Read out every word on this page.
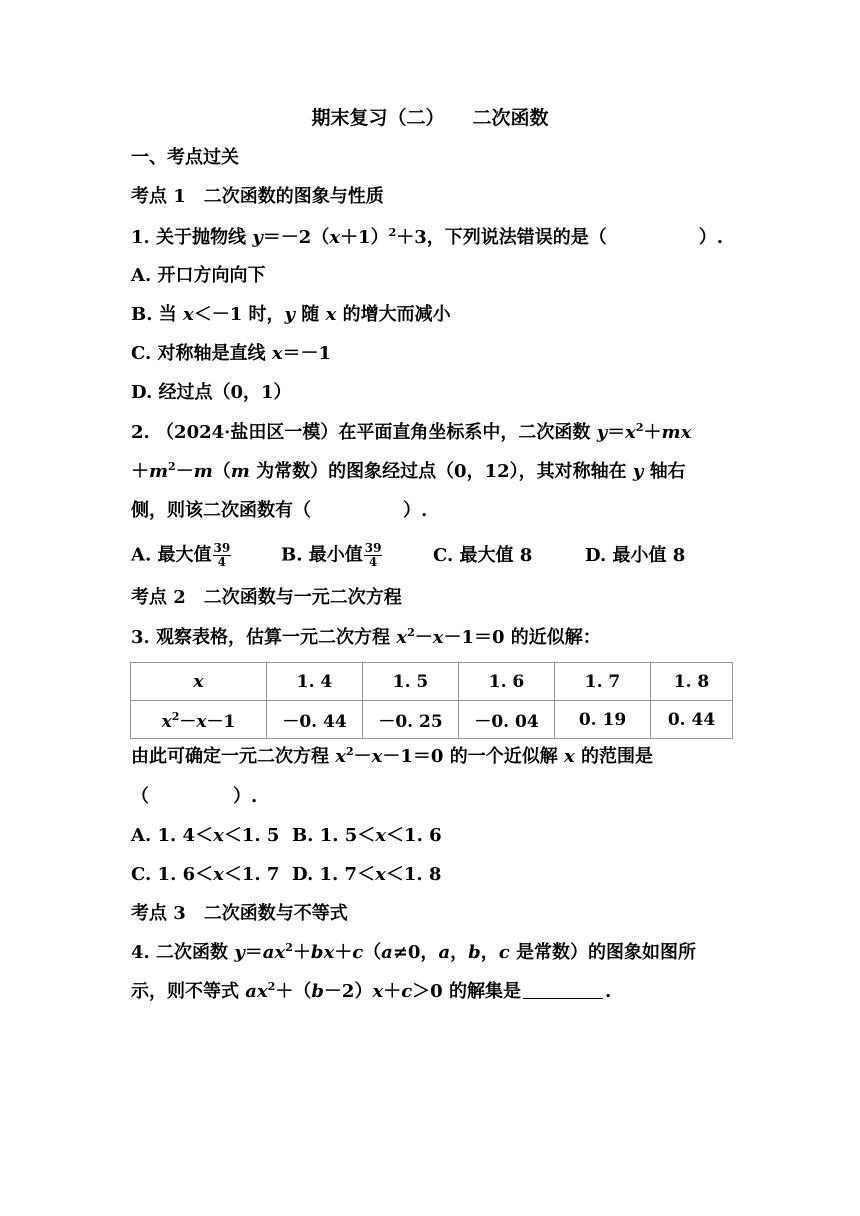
期末复习（二） 二次函数
一、考点过关
考点 1　二次函数的图象与性质
1. 关于抛物线 $y=-2(x+1)^2+3$，下列说法错误的是（	）.
A. 开口方向向下
B. 当 x＜－1 时，y 随 x 的增大而减小
C. 对称轴是直线 x＝－1
D. 经过点（0，1）
2. （2024·盐田区一模）在平面直角坐标系中，二次函数 $y=x^2+mx$
$+m^2-m(m$ 为常数）的图象经过点（0，12），其对称轴在 y 轴右
侧，则该二次函数有（	）.
A. 最大值 $\frac{39}{4}$	B. 最小值 $\frac{39}{4}$	C. 最大值 8	D. 最小值 8
考点 2　二次函数与一元二次方程
3. 观察表格，估算一元二次方程 $x^2-x-1=0$ 的近似解：
x	1. 4	1. 5	1. 6	1. 7	1. 8
$x^2-x-1$	－0. 44	－0. 25	－0. 04	0. 19	0. 44
由此可确定一元二次方程 $x^2-x-1=0$ 的一个近似解 x 的范围是
（	）.
A. 1. 4＜x＜1. 5 B. 1. 5＜x＜1. 6
C. 1. 6＜x＜1. 7 D. 1. 7＜x＜1. 8
考点 3　二次函数与不等式
4. 二次函数 $y=ax^2+bx+c(a\ne 0$，a，b，c 是常数）的图象如图所
示，则不等式 $ax^2+(b-2)x+c>0$ 的解集是	.
